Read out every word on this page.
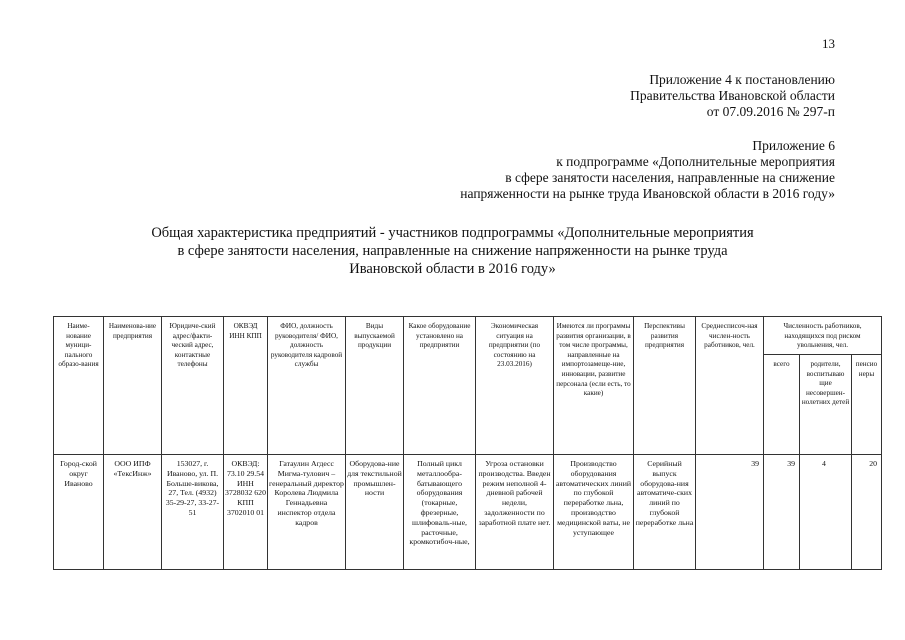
13
Приложение 4 к постановлению
Правительства Ивановской области
от 07.09.2016 № 297-п
Приложение 6
к подпрограмме «Дополнительные мероприятия
в сфере занятости населения, направленные на снижение
напряженности на рынке труда Ивановской области в 2016 году»
Общая характеристика предприятий - участников подпрограммы «Дополнительные мероприятия
в сфере занятости населения, направленные на снижение напряженности на рынке труда
Ивановской области в 2016 году»
Наиме-нование муници-пального образо-вания	Наименова-ние предприятия	Юридиче-ский адрес/факти-ческий адрес, контактные телефоны	ОКВЭД ИНН КПП	ФИО, должность руководителя/ ФИО, должность руководителя кадровой службы	Виды выпускаемой продукции	Какое оборудование установлено на предприятии	Экономическая ситуация на предприятии (по состоянию на 23.03.2016)	Имеются ли программы развития организации, в том числе программы, направленные на импортозамеще-ние, инновации, развитие персонала (если есть, то какие)	Перспективы развития предприятия	Среднесписоч-ная числен-ность работников, чел.	Численность работников, находящихся под риском увольнения, чел.		
											всего	родители, воспитываю щие несовершен-нолетних детей	пенсио неры
Город-ской округ Иваново	ООО ИПФ «ТексИнж»	153027, г. Иваново, ул. П. Больше-викова, 27, Тел. (4932) 35-29-27, 33-27-51	ОКВЭД: 73.10 29.54 ИНН 3728032 620 КПП 3702010 01	Гатаулин Агдесс Мигма-тулович – генеральный директор Королева Людмила Геннадьевна инспектор отдела кадров	Оборудова-ние для текстильной промышлен-ности	Полный цикл металлообра-батывающего оборудования (токарные, фрезерные, шлифоваль-ные, расточные, кромкотибоч-ные,	Угроза остановки производства. Введен режим неполной 4-дневной рабочей недели, задолженности по заработной плате нет.	Производство оборудования автоматических линий по глубокой переработке льна, производство медицинской ваты, не уступающее	Серийный выпуск оборудова-ния автоматиче-ских линий по глубокой переработке льна	39	39	4	20
